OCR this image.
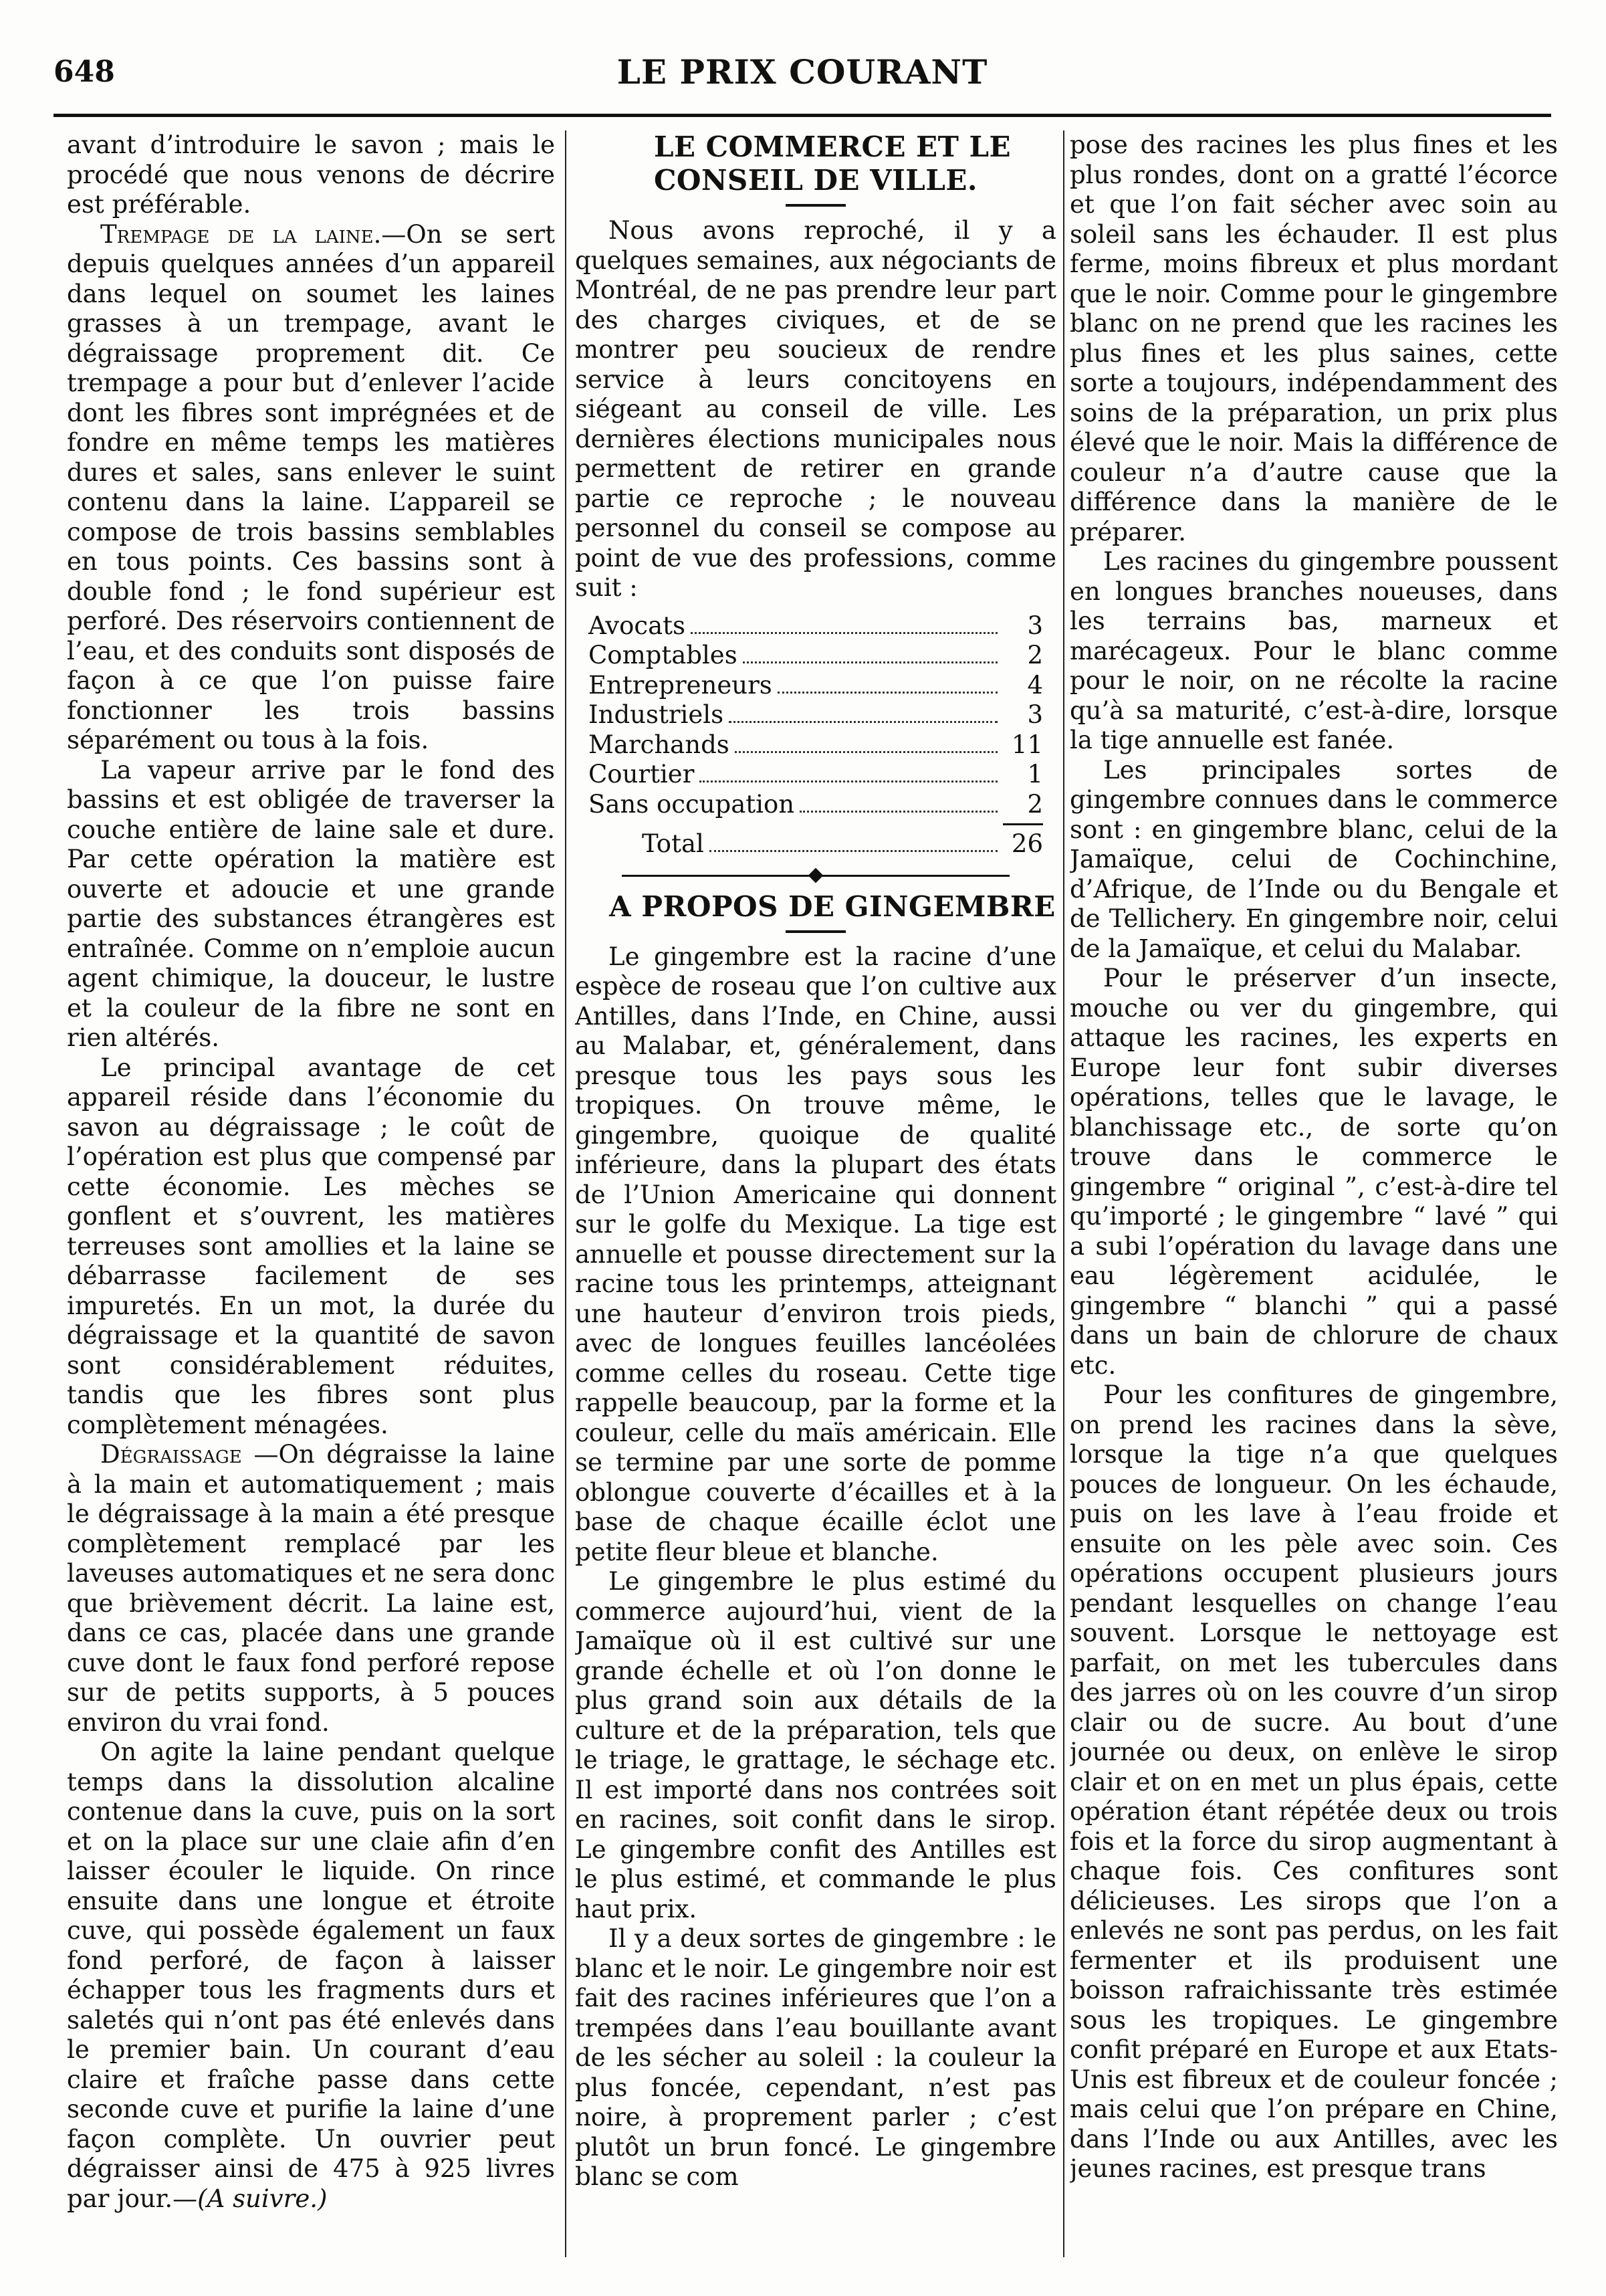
648	LE PRIX COURANT

avant d’introduire le savon ; mais le procédé que nous venons de décrire est préférable.

Trempage de la laine.—On se sert depuis quelques années d’un appareil dans lequel on soumet les laines grasses à un trempage, avant le dégraissage proprement dit. Ce trempage a pour but d’enlever l’acide dont les fibres sont imprégnées et de fondre en même temps les matières dures et sales, sans enlever le suint contenu dans la laine. L’appareil se compose de trois bassins semblables en tous points. Ces bassins sont à double fond ; le fond supérieur est perforé. Des réservoirs contiennent de l’eau, et des conduits sont disposés de façon à ce que l’on puisse faire fonctionner les trois bassins séparément ou tous à la fois.

La vapeur arrive par le fond des bassins et est obligée de traverser la couche entière de laine sale et dure. Par cette opération la matière est ouverte et adoucie et une grande partie des substances étrangères est entraînée. Comme on n’emploie aucun agent chimique, la douceur, le lustre et la couleur de la fibre ne sont en rien altérés.

Le principal avantage de cet appareil réside dans l’économie du savon au dégraissage ; le coût de l’opération est plus que compensé par cette économie. Les mèches se gonflent et s’ouvrent, les matières terreuses sont amollies et la laine se débarrasse facilement de ses impuretés. En un mot, la durée du dégraissage et la quantité de savon sont considérablement réduites, tandis que les fibres sont plus complètement ménagées.

Dégraissage —On dégraisse la laine à la main et automatiquement ; mais le dégraissage à la main a été presque complètement remplacé par les laveuses automatiques et ne sera donc que brièvement décrit. La laine est, dans ce cas, placée dans une grande cuve dont le faux fond perforé repose sur de petits supports, à 5 pouces environ du vrai fond.

On agite la laine pendant quelque temps dans la dissolution alcaline contenue dans la cuve, puis on la sort et on la place sur une claie afin d’en laisser écouler le liquide. On rince ensuite dans une longue et étroite cuve, qui possède également un faux fond perforé, de façon à laisser échapper tous les fragments durs et saletés qui n’ont pas été enlevés dans le premier bain. Un courant d’eau claire et fraîche passe dans cette seconde cuve et purifie la laine d’une façon complète. Un ouvrier peut dégraisser ainsi de 475 à 925 livres par jour.—(A suivre.)

LE COMMERCE ET LE CONSEIL DE VILLE.

Nous avons reproché, il y a quelques semaines, aux négociants de Montréal, de ne pas prendre leur part des charges civiques, et de se montrer peu soucieux de rendre service à leurs concitoyens en siégeant au conseil de ville. Les dernières élections municipales nous permettent de retirer en grande partie ce reproche ; le nouveau personnel du conseil se compose au point de vue des professions, comme suit :

Avocats	3
Comptables	2
Entrepreneurs	4
Industriels	3
Marchands	11
Courtier	1
Sans occupation	2
Total	26

A PROPOS DE GINGEMBRE

Le gingembre est la racine d’une espèce de roseau que l’on cultive aux Antilles, dans l’Inde, en Chine, aussi au Malabar, et, généralement, dans presque tous les pays sous les tropiques. On trouve même, le gingembre, quoique de qualité inférieure, dans la plupart des états de l’Union Americaine qui donnent sur le golfe du Mexique. La tige est annuelle et pousse directement sur la racine tous les printemps, atteignant une hauteur d’environ trois pieds, avec de longues feuilles lancéolées comme celles du roseau. Cette tige rappelle beaucoup, par la forme et la couleur, celle du maïs américain. Elle se termine par une sorte de pomme oblongue couverte d’écailles et à la base de chaque écaille éclot une petite fleur bleue et blanche.

Le gingembre le plus estimé du commerce aujourd’hui, vient de la Jamaïque où il est cultivé sur une grande échelle et où l’on donne le plus grand soin aux détails de la culture et de la préparation, tels que le triage, le grattage, le séchage etc. Il est importé dans nos contrées soit en racines, soit confit dans le sirop. Le gingembre confit des Antilles est le plus estimé, et commande le plus haut prix.

Il y a deux sortes de gingembre : le blanc et le noir. Le gingembre noir est fait des racines inférieures que l’on a trempées dans l’eau bouillante avant de les sécher au soleil : la couleur la plus foncée, cependant, n’est pas noire, à proprement parler ; c’est plutôt un brun foncé. Le gingembre blanc se com

pose des racines les plus fines et les plus rondes, dont on a gratté l’écorce et que l’on fait sécher avec soin au soleil sans les échauder. Il est plus ferme, moins fibreux et plus mordant que le noir. Comme pour le gingembre blanc on ne prend que les racines les plus fines et les plus saines, cette sorte a toujours, indépendamment des soins de la préparation, un prix plus élevé que le noir. Mais la différence de couleur n’a d’autre cause que la différence dans la manière de le préparer.

Les racines du gingembre poussent en longues branches noueuses, dans les terrains bas, marneux et marécageux. Pour le blanc comme pour le noir, on ne récolte la racine qu’à sa maturité, c’est-à-dire, lorsque la tige annuelle est fanée.

Les principales sortes de gingembre connues dans le commerce sont : en gingembre blanc, celui de la Jamaïque, celui de Cochinchine, d’Afrique, de l’Inde ou du Bengale et de Tellichery. En gingembre noir, celui de la Jamaïque, et celui du Malabar.

Pour le préserver d’un insecte, mouche ou ver du gingembre, qui attaque les racines, les experts en Europe leur font subir diverses opérations, telles que le lavage, le blanchissage etc., de sorte qu’on trouve dans le commerce le gingembre “ original ”, c’est-à-dire tel qu’importé ; le gingembre “ lavé ” qui a subi l’opération du lavage dans une eau légèrement acidulée, le gingembre “ blanchi ” qui a passé dans un bain de chlorure de chaux etc.

Pour les confitures de gingembre, on prend les racines dans la sève, lorsque la tige n’a que quelques pouces de longueur. On les échaude, puis on les lave à l’eau froide et ensuite on les pèle avec soin. Ces opérations occupent plusieurs jours pendant lesquelles on change l’eau souvent. Lorsque le nettoyage est parfait, on met les tubercules dans des jarres où on les couvre d’un sirop clair ou de sucre. Au bout d’une journée ou deux, on enlève le sirop clair et on en met un plus épais, cette opération étant répétée deux ou trois fois et la force du sirop augmentant à chaque fois. Ces confitures sont délicieuses. Les sirops que l’on a enlevés ne sont pas perdus, on les fait fermenter et ils produisent une boisson rafraichissante très estimée sous les tropiques. Le gingembre confit préparé en Europe et aux Etats-Unis est fibreux et de couleur foncée ; mais celui que l’on prépare en Chine, dans l’Inde ou aux Antilles, avec les jeunes racines, est presque trans
